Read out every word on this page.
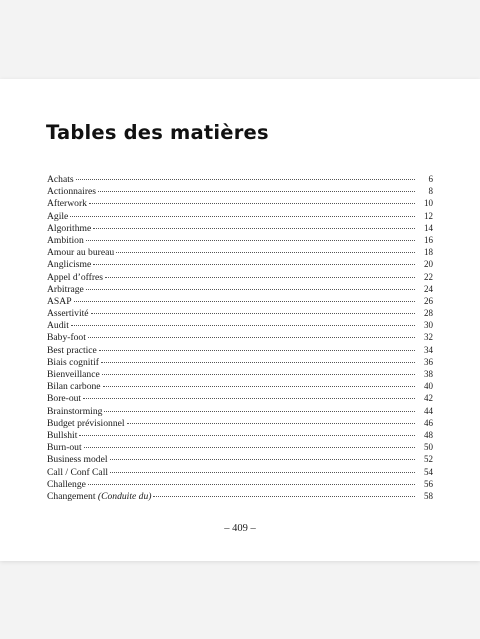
Tables des matières
Achats	6
Actionnaires	8
Afterwork	10
Agile	12
Algorithme	14
Ambition	16
Amour au bureau	18
Anglicisme	20
Appel d’offres	22
Arbitrage	24
ASAP	26
Assertivité	28
Audit	30
Baby-foot	32
Best practice	34
Biais cognitif	36
Bienveillance	38
Bilan carbone	40
Bore-out	42
Brainstorming	44
Budget prévisionnel	46
Bullshit	48
Burn-out	50
Business model	52
Call / Conf Call	54
Challenge	56
Changement (Conduite du)	58
– 409 –
